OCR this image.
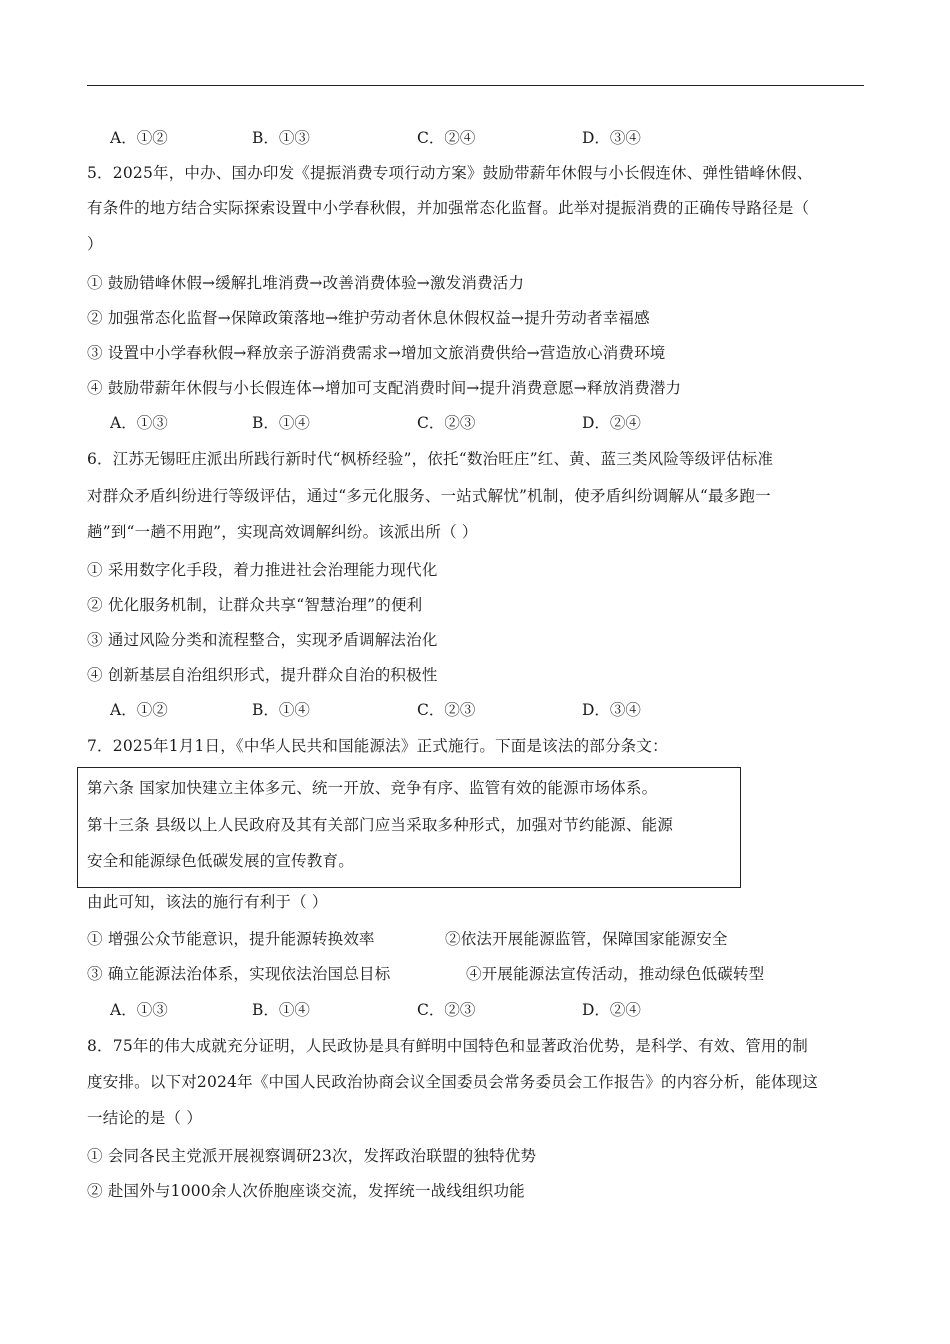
A．①②	B．①③	C．②④	D．③④
5．2025年，中办、国办印发《提振消费专项行动方案》鼓励带薪年休假与小长假连休、弹性错峰休假、
有条件的地方结合实际探索设置中小学春秋假，并加强常态化监督。此举对提振消费的正确传导路径是（
）
① 鼓励错峰休假→缓解扎堆消费→改善消费体验→激发消费活力
② 加强常态化监督→保障政策落地→维护劳动者休息休假权益→提升劳动者幸福感
③ 设置中小学春秋假→释放亲子游消费需求→增加文旅消费供给→营造放心消费环境
④ 鼓励带薪年休假与小长假连体→增加可支配消费时间→提升消费意愿→释放消费潜力
A．①③	B．①④	C．②③	D．②④
6．江苏无锡旺庄派出所践行新时代“枫桥经验”，依托“数治旺庄”红、黄、蓝三类风险等级评估标准
对群众矛盾纠纷进行等级评估，通过“多元化服务、一站式解忧”机制，使矛盾纠纷调解从“最多跑一
趟”到“一趟不用跑”，实现高效调解纠纷。该派出所（ ）
① 采用数字化手段，着力推进社会治理能力现代化
② 优化服务机制，让群众共享“智慧治理”的便利
③ 通过风险分类和流程整合，实现矛盾调解法治化
④ 创新基层自治组织形式，提升群众自治的积极性
A．①②	B．①④	C．②③	D．③④
7．2025年1月1日，《中华人民共和国能源法》正式施行。下面是该法的部分条文：
第六条 国家加快建立主体多元、统一开放、竞争有序、监管有效的能源市场体系。
第十三条 县级以上人民政府及其有关部门应当采取多种形式，加强对节约能源、能源
安全和能源绿色低碳发展的宣传教育。
由此可知，该法的施行有利于（ ）
① 增强公众节能意识，提升能源转换效率	②依法开展能源监管，保障国家能源安全
③ 确立能源法治体系，实现依法治国总目标	④开展能源法宣传活动，推动绿色低碳转型
A．①③	B．①④	C．②③	D．②④
8．75年的伟大成就充分证明，人民政协是具有鲜明中国特色和显著政治优势，是科学、有效、管用的制
度安排。以下对2024年《中国人民政治协商会议全国委员会常务委员会工作报告》的内容分析，能体现这
一结论的是（ ）
① 会同各民主党派开展视察调研23次，发挥政治联盟的独特优势
② 赴国外与1000余人次侨胞座谈交流，发挥统一战线组织功能
